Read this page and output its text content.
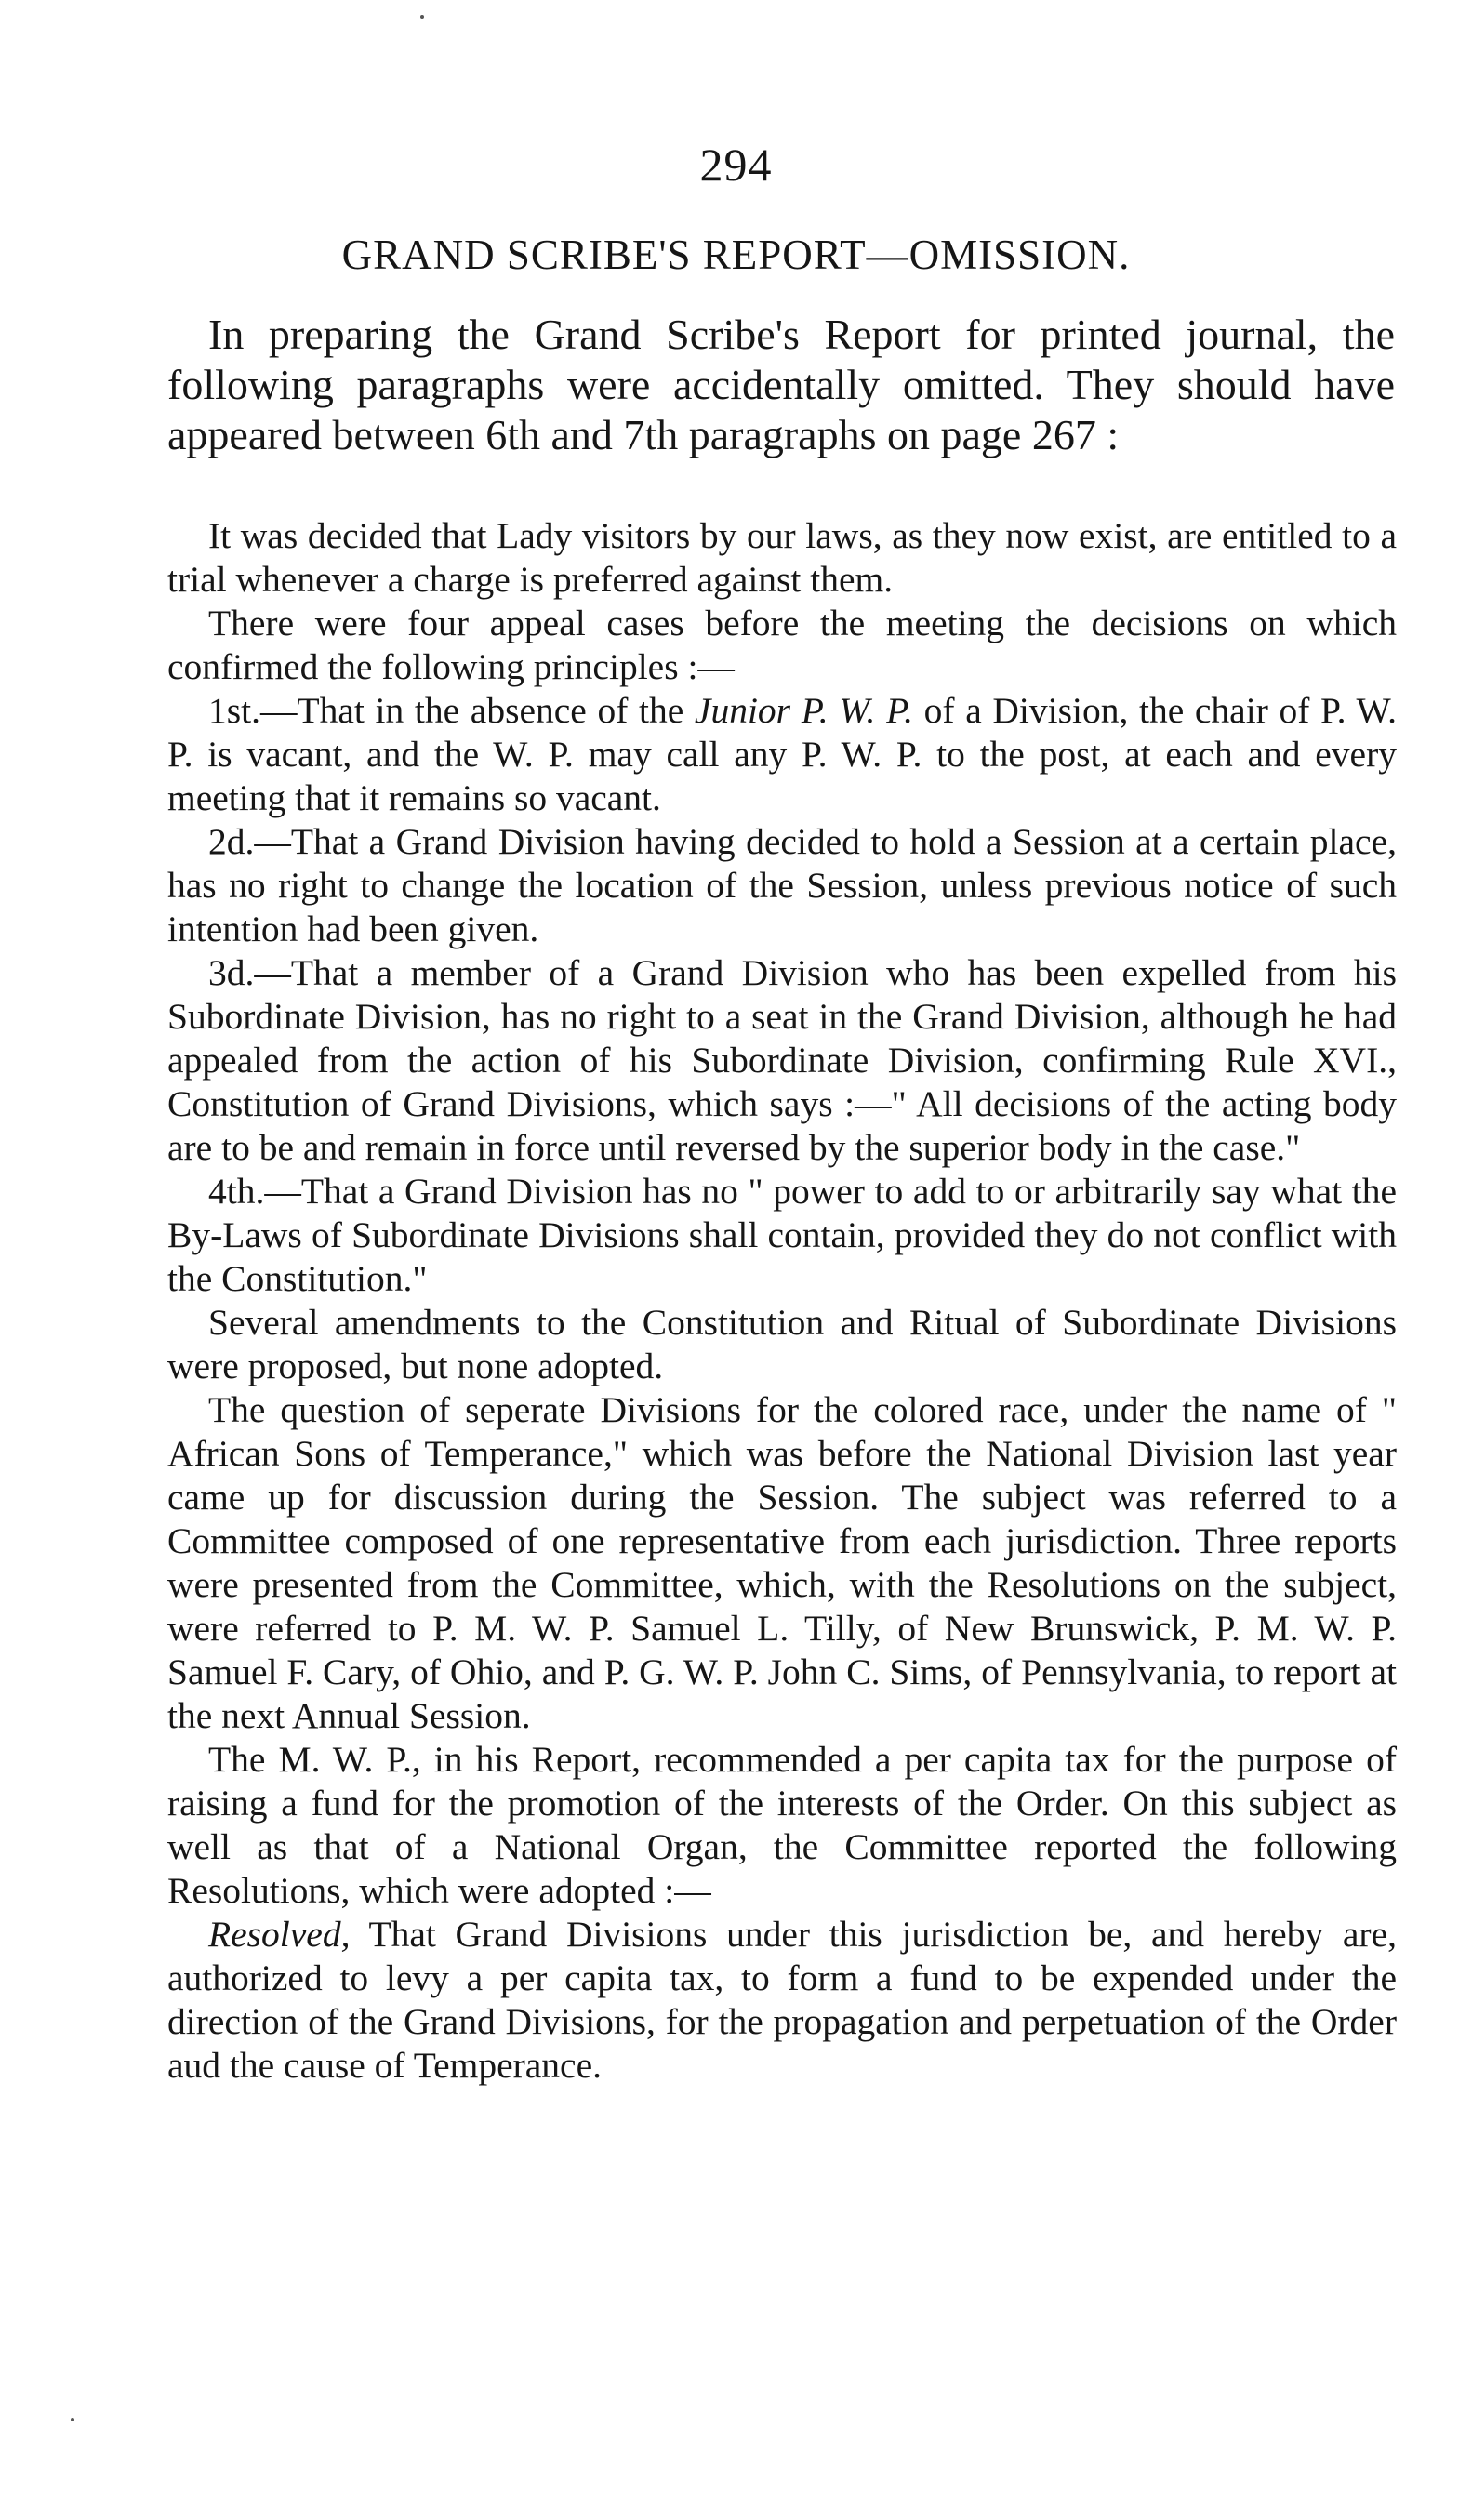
294
GRAND SCRIBE'S REPORT—OMISSION.

In preparing the Grand Scribe's Report for printed journal, the following paragraphs were accidentally omitted. They should have appeared between 6th and 7th paragraphs on page 267 :

It was decided that Lady visitors by our laws, as they now exist, are entitled to a trial whenever a charge is preferred against them.

There were four appeal cases before the meeting the decisions on which confirmed the following principles :—

1st.—That in the absence of the Junior P. W. P. of a Division, the chair of P. W. P. is vacant, and the W. P. may call any P. W. P. to the post, at each and every meeting that it remains so vacant.

2d.—That a Grand Division having decided to hold a Session at a certain place, has no right to change the location of the Session, unless previous notice of such intention had been given.

3d.—That a member of a Grand Division who has been expelled from his Subordinate Division, has no right to a seat in the Grand Division, although he had appealed from the action of his Subordinate Division, confirming Rule XVI., Constitution of Grand Divisions, which says :—" All decisions of the acting body are to be and remain in force until reversed by the superior body in the case."

4th.—That a Grand Division has no " power to add to or arbitrarily say what the By-Laws of Subordinate Divisions shall contain, provided they do not conflict with the Constitution."

Several amendments to the Constitution and Ritual of Subordinate Divisions were proposed, but none adopted.

The question of seperate Divisions for the colored race, under the name of " African Sons of Temperance," which was before the National Division last year came up for discussion during the Session. The subject was referred to a Committee composed of one representative from each jurisdiction. Three reports were presented from the Committee, which, with the Resolutions on the subject, were referred to P. M. W. P. Samuel L. Tilly, of New Brunswick, P. M. W. P. Samuel F. Cary, of Ohio, and P. G. W. P. John C. Sims, of Pennsylvania, to report at the next Annual Session.

The M. W. P., in his Report, recommended a per capita tax for the purpose of raising a fund for the promotion of the interests of the Order. On this subject as well as that of a National Organ, the Committee reported the following Resolutions, which were adopted :—

Resolved, That Grand Divisions under this jurisdiction be, and hereby are, authorized to levy a per capita tax, to form a fund to be expended under the direction of the Grand Divisions, for the propagation and perpetuation of the Order aud the cause of Temperance.
